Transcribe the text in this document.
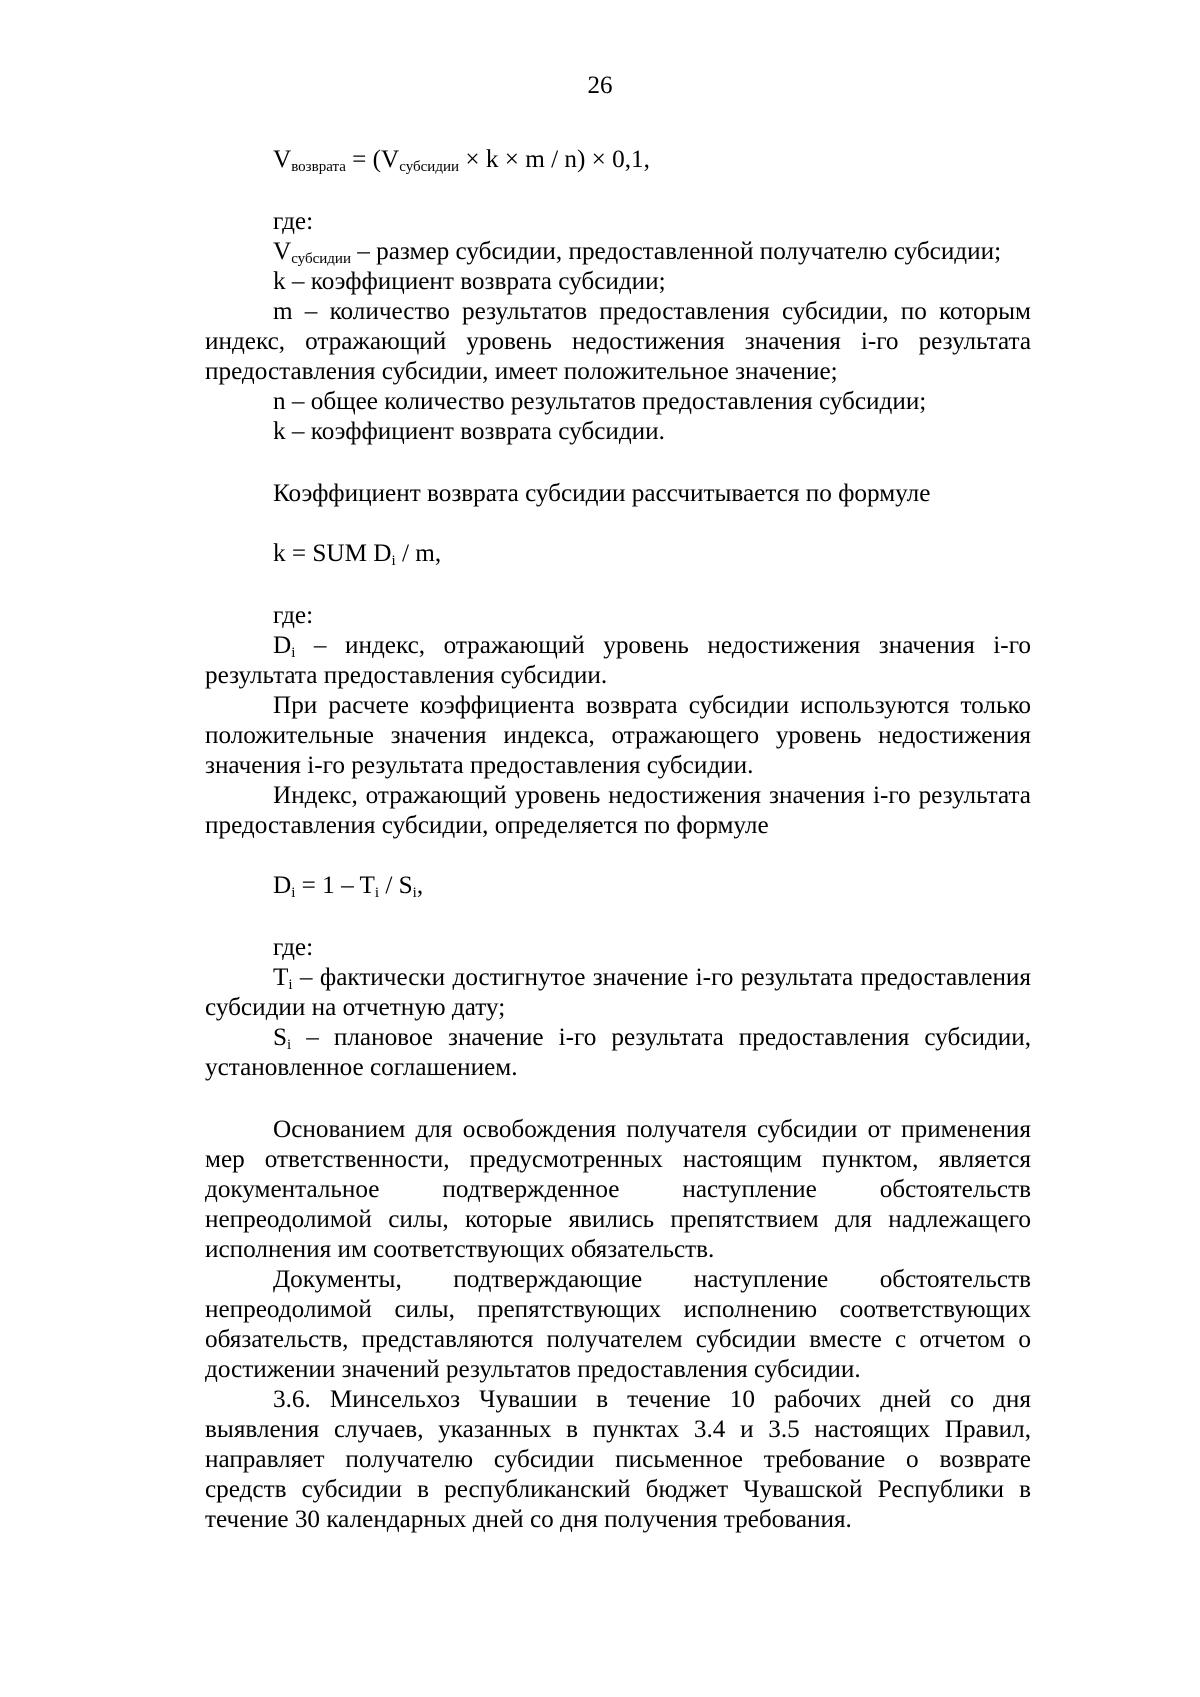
26
$V_{возврата} = (V_{субсидии} \times k \times m / n) \times 0,1$,
где:

$V_{субсидии}$ – размер субсидии, предоставленной получателю субсидии;

k – коэффициент возврата субсидии;

m – количество результатов предоставления субсидии, по которым индекс, отражающий уровень недостижения значения i-го результата предоставления субсидии, имеет положительное значение;

n – общее количество результатов предоставления субсидии;

k – коэффициент возврата субсидии.

Коэффициент возврата субсидии рассчитывается по формуле

k = SUM $D_i$ / m,
где:

$D_i$ – индекс, отражающий уровень недостижения значения i-го результата предоставления субсидии.

При расчете коэффициента возврата субсидии используются только положительные значения индекса, отражающего уровень недостижения значения i-го результата предоставления субсидии.

Индекс, отражающий уровень недостижения значения i-го результата предоставления субсидии, определяется по формуле

$D_i = 1 - T_i / S_i$,
где:

$T_i$ – фактически достигнутое значение i-го результата предоставления субсидии на отчетную дату;

$S_i$ – плановое значение i-го результата предоставления субсидии, установленное соглашением.

Основанием для освобождения получателя субсидии от применения мер ответственности, предусмотренных настоящим пунктом, является документальное подтвержденное наступление обстоятельств непреодолимой силы, которые явились препятствием для надлежащего исполнения им соответствующих обязательств.

Документы, подтверждающие наступление обстоятельств непреодолимой силы, препятствующих исполнению соответствующих обязательств, представляются получателем субсидии вместе с отчетом о достижении значений результатов предоставления субсидии.

3.6. Минсельхоз Чувашии в течение 10 рабочих дней со дня выявления случаев, указанных в пунктах 3.4 и 3.5 настоящих Правил, направляет получателю субсидии письменное требование о возврате средств субсидии в республиканский бюджет Чувашской Республики в течение 30 календарных дней со дня получения требования.
